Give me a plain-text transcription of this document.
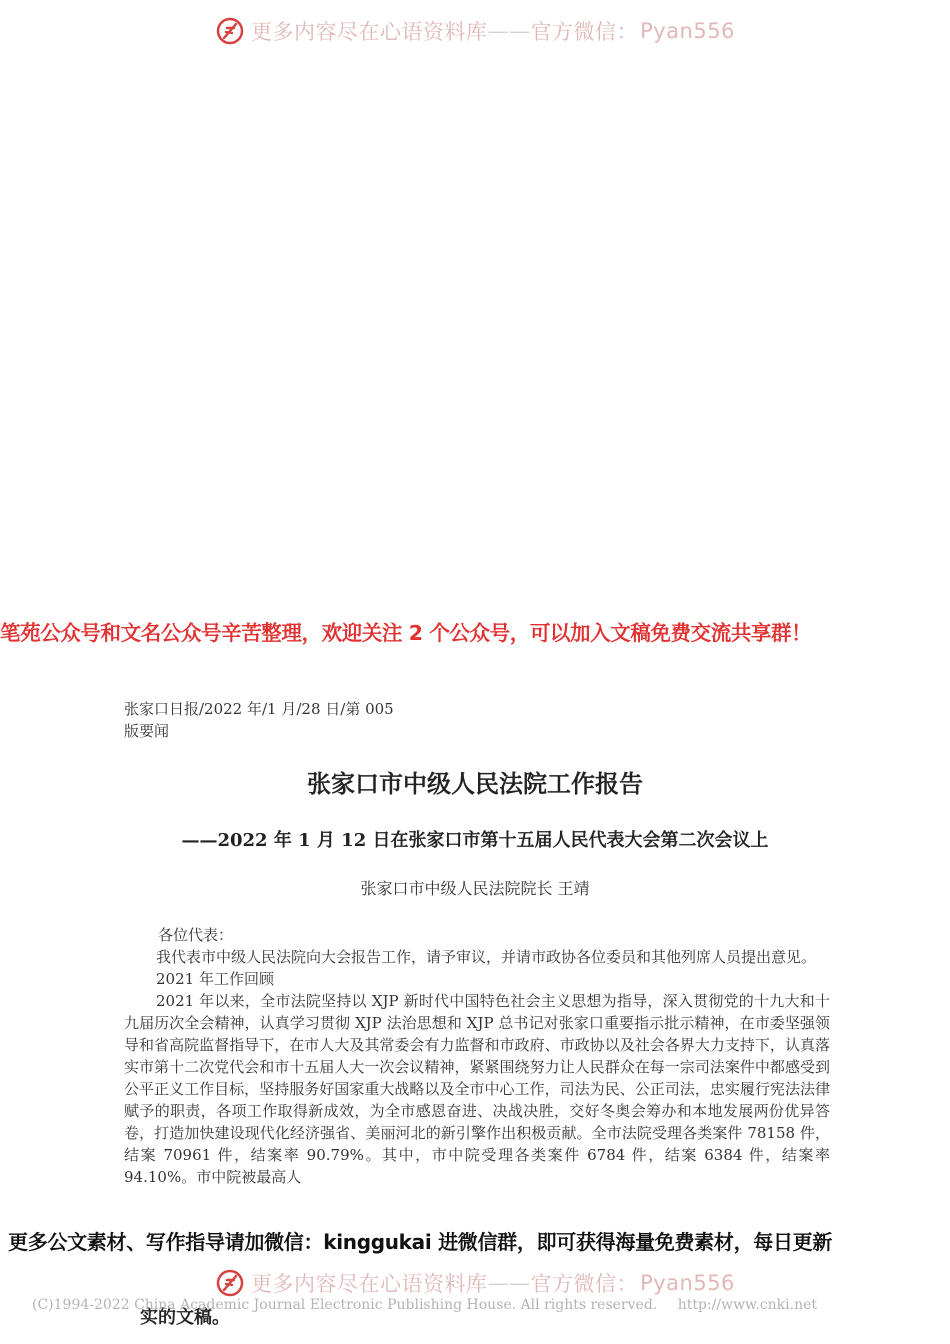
更多内容尽在心语资料库 —— 官方微信： Pyan556
笔苑公众号和文名公众号辛苦整理，欢迎关注 2 个公众号，可以加入文稿免费交流共享群！
张家口日报/2022 年/1 月/28 日/第 005
版要闻
张家口市中级人民法院工作报告
——2022 年 1 月 12 日在张家口市第十五届人民代表大会第二次会议上
张家口市中级人民法院院长 王靖

各位代表：

我代表市中级人民法院向大会报告工作，请予审议，并请市政协各位委员和其他列席人员提出意见。

2021 年工作回顾

2021 年以来，全市法院坚持以 XJP 新时代中国特色社会主义思想为指导，深入贯彻党的十九大和十九届历次全会精神，认真学习贯彻 XJP 法治思想和 XJP 总书记对张家口重要指示批示精神，在市委坚强领导和省高院监督指导下，在市人大及其常委会有力监督和市政府、市政协以及社会各界大力支持下，认真落实市第十二次党代会和市十五届人大一次会议精神，紧紧围绕努力让人民群众在每一宗司法案件中都感受到公平正义工作目标，坚持服务好国家重大战略以及全市中心工作，司法为民、公正司法，忠实履行宪法法律赋予的职责，各项工作取得新成效，为全市感恩奋进、决战决胜，交好冬奥会筹办和本地发展两份优异答卷，打造加快建设现代化经济强省、美丽河北的新引擎作出积极贡献。全市法院受理各类案件 78158 件，结案 70961 件，结案率 90.79%。其中，市中院受理各类案件 6784 件，结案 6384 件，结案率 94.10%。市中院被最高人

实的文稿。
更多内容尽在心语资料库 —— 官方微信： Pyan556
更多公文素材、写作指导请加微信：kinggukai 进微信群，即可获得海量免费素材，每日更新
(C)1994-2022 China Academic Journal Electronic Publishing House. All rights reserved. http://www.cnki.net
